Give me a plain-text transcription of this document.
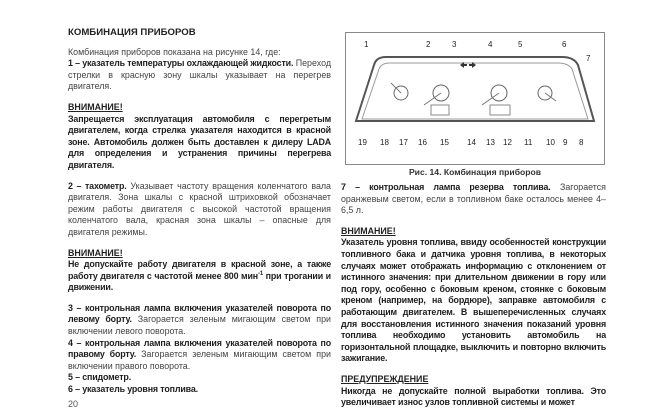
КОМБИНАЦИЯ ПРИБОРОВ
Комбинация приборов показана на рисунке 14, где:
1 – указатель температуры охлаждающей жидкости. Переход стрелки в красную зону шкалы указывает на перегрев двигателя.
ВНИМАНИЕ!
Запрещается эксплуатация автомобиля с перегретым двигателем, когда стрелка указателя находится в красной зоне. Автомобиль должен быть доставлен к дилеру LADA для определения и устранения причины перегрева двигателя.
2 – тахометр. Указывает частоту вращения коленчатого вала двигателя. Зона шкалы с красной штриховкой обозначает режим работы двигателя с высокой частотой вращения коленчатого вала, красная зона шкалы – опасные для двигателя режимы.
ВНИМАНИЕ!
Не допускайте работу двигателя в красной зоне, а также работу двигателя с частотой менее 800 мин$^{-1}$ при трогании и движении.
3 – контрольная лампа включения указателей поворота по левому борту. Загорается зеленым мигающим светом при включении левого поворота.
4 – контрольная лампа включения указателей поворота по правому борту. Загорается зеленым мигающим светом при включении правого поворота.
5 – спидометр.
6 – указатель уровня топлива.
20
1	2	3	4	5	6
7
19 18 17 16 15 14 13 12 11 10 9 8
Рис. 14. Комбинация приборов
7 – контрольная лампа резерва топлива. Загорается оранжевым светом, если в топливном баке осталось менее 4–6,5 л.
ВНИМАНИЕ!
Указатель уровня топлива, ввиду особенностей конструкции топливного бака и датчика уровня топлива, в некоторых случаях может отображать информацию с отклонением от истинного значения: при длительном движении в гору или под гору, особенно с боковым креном, стоянке с боковым креном (например, на бордюре), заправке автомобиля с работающим двигателем. В вышеперечисленных случаях для восстановления истинного значения показаний уровня топлива необходимо установить автомобиль на горизонтальной площадке, выключить и повторно включить зажигание.
ПРЕДУПРЕЖДЕНИЕ
Никогда не допускайте полной выработки топлива. Это увеличивает износ узлов топливной системы и может
